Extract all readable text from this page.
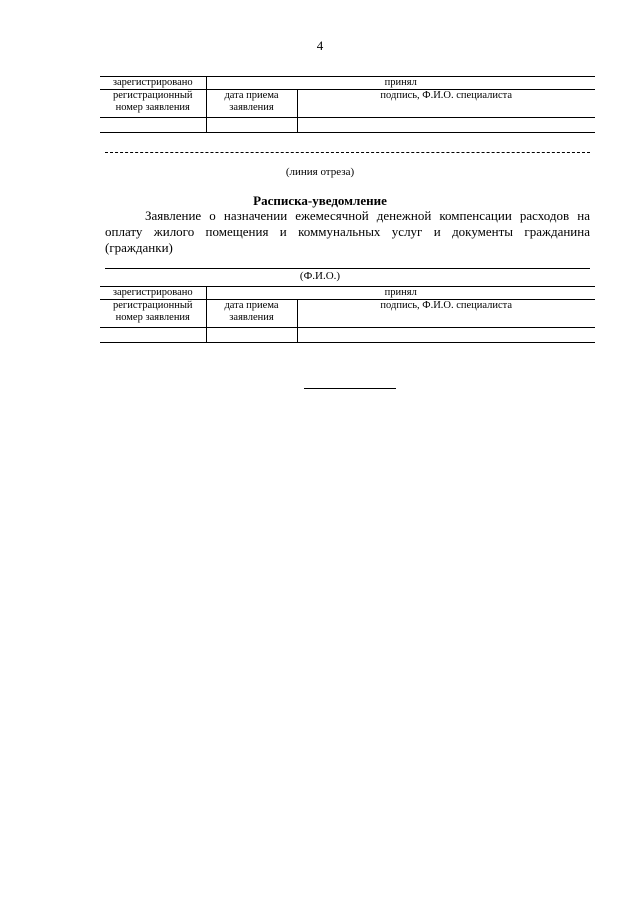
4
зарегистрировано	принял	
регистрационный номер заявления	дата приема заявления	подпись, Ф.И.О. специалиста

(линия отреза)
Расписка-уведомление

Заявление о назначении ежемесячной денежной компенсации расходов на оплату жилого помещения и коммунальных услуг и документы гражданина (гражданки)

(Ф.И.О.)
зарегистрировано	принял	
регистрационный номер заявления	дата приема заявления	подпись, Ф.И.О. специалиста
